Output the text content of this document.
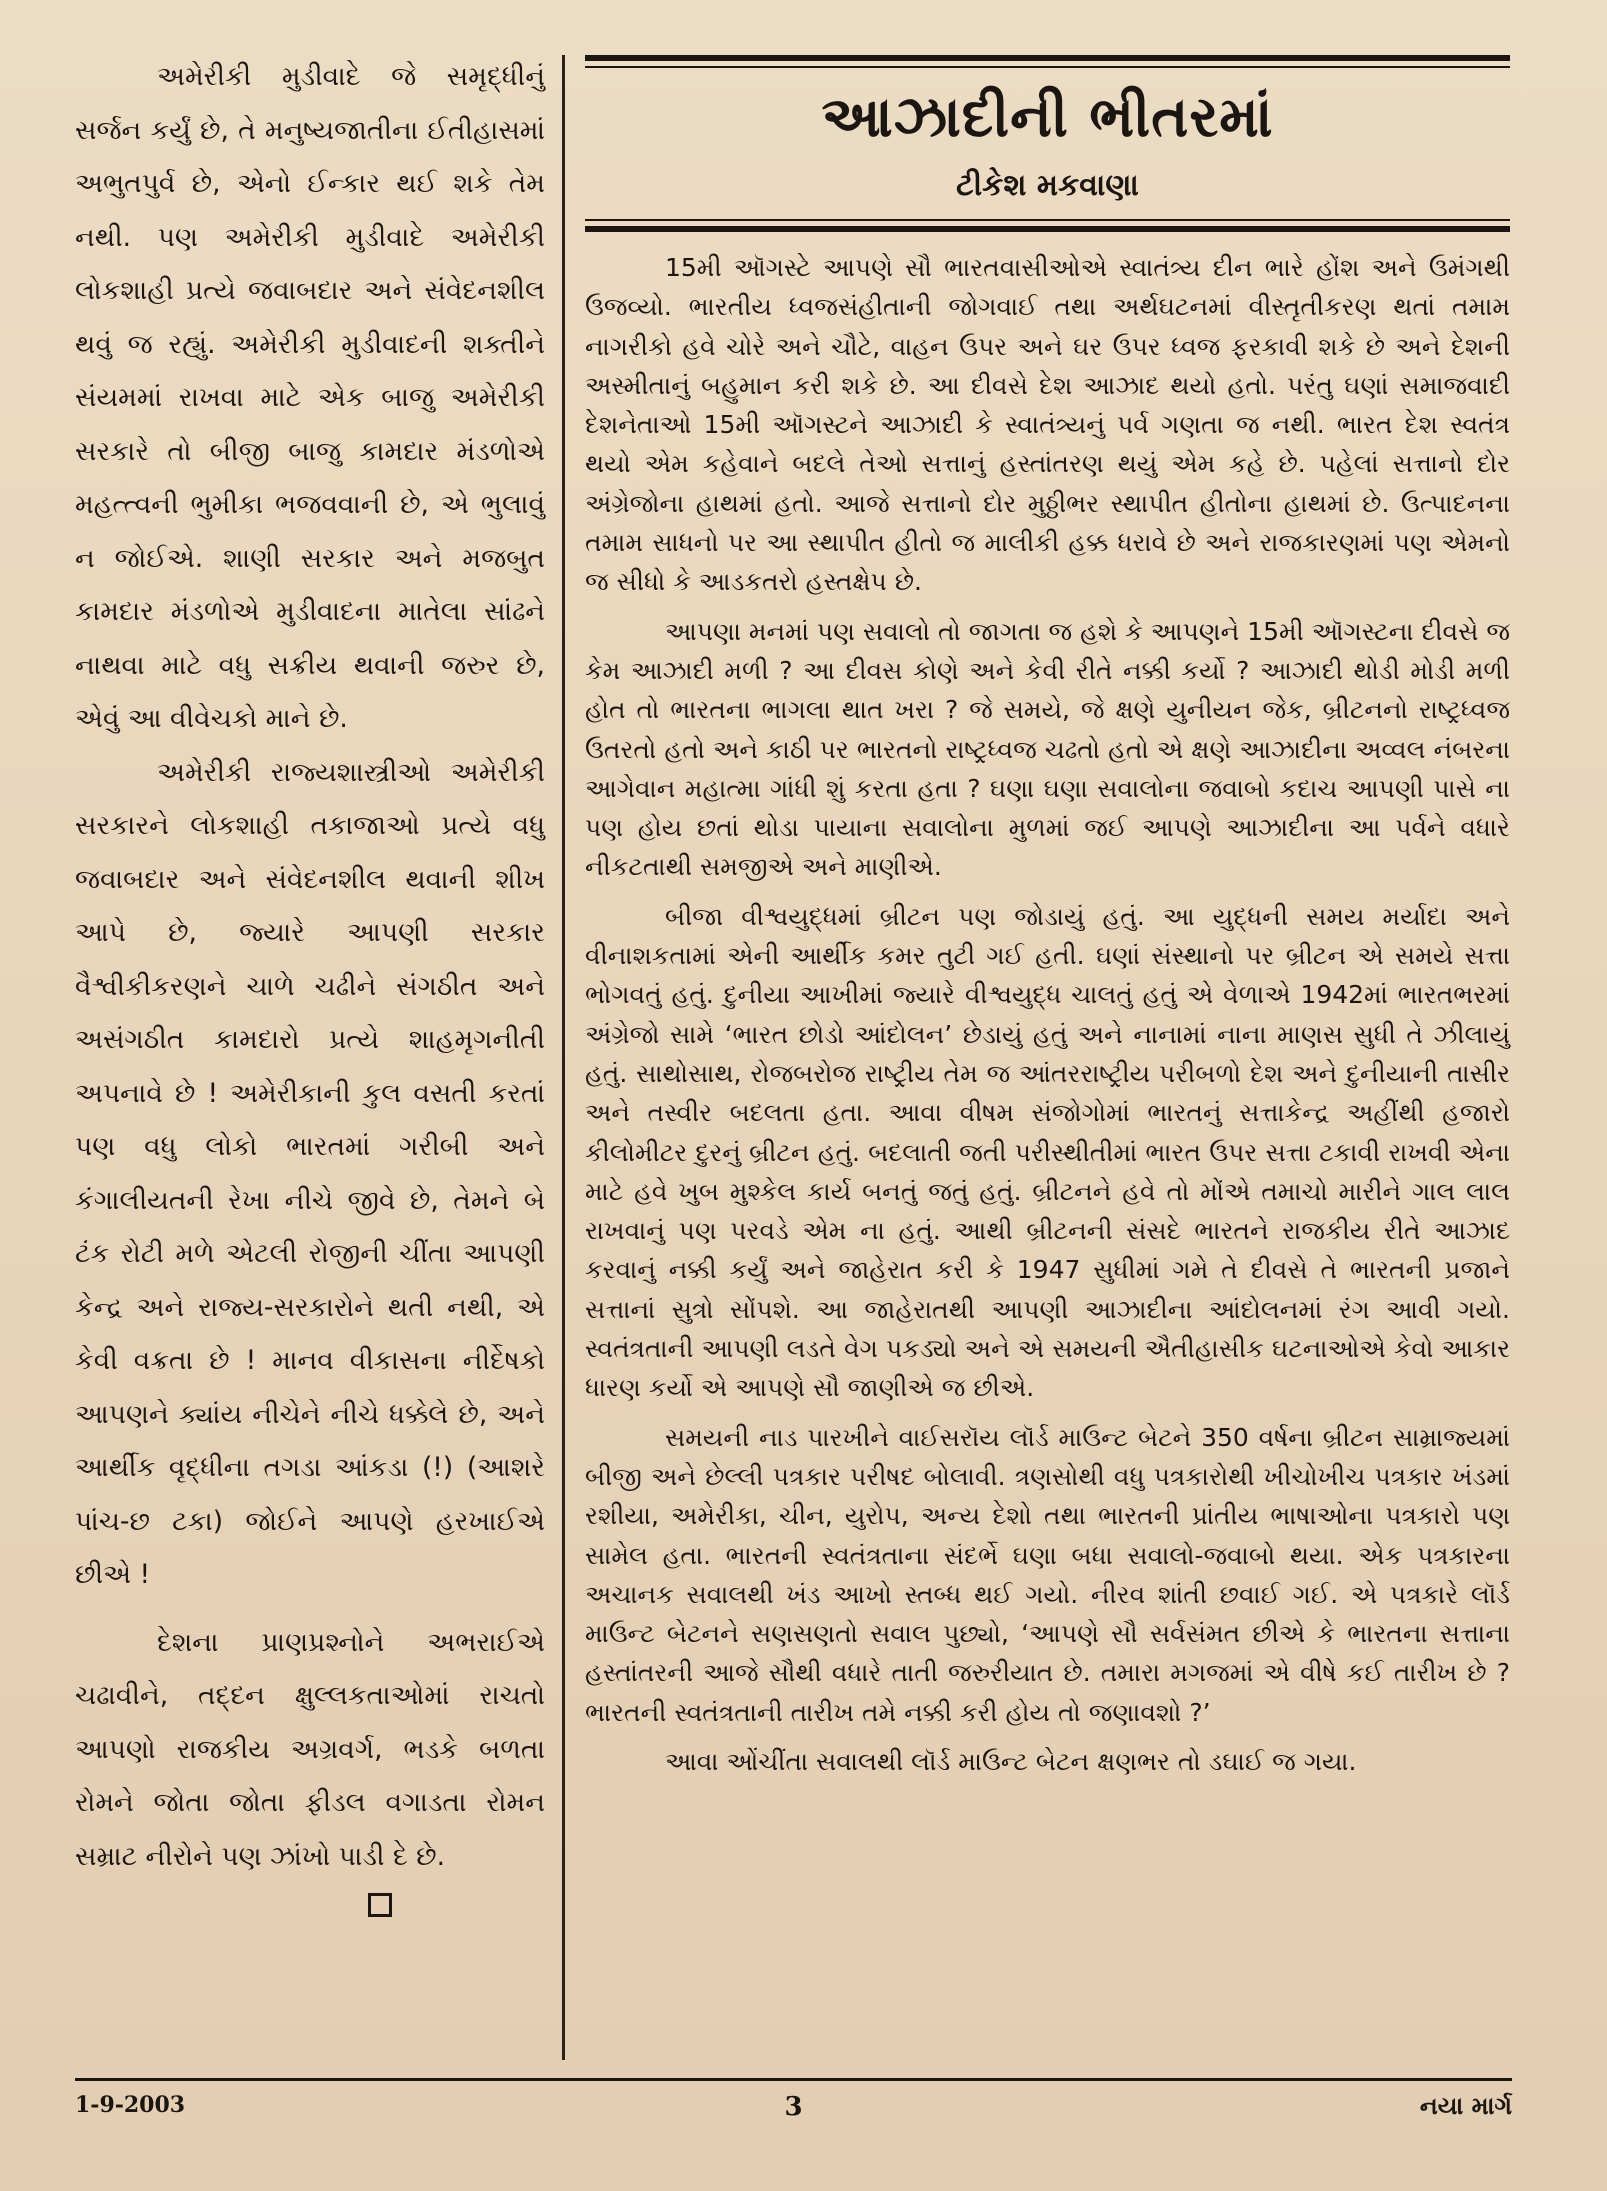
અમેરીકી મુડીવાદે જે સમૃદ્ધીનું સર્જન કર્યું છે, તે મનુષ્યજાતીના ઈતીહાસમાં અભુતપુર્વ છે, એનો ઈન્કાર થઈ શકે તેમ નથી. પણ અમેરીકી મુડીવાદે અમેરીકી લોકશાહી પ્રત્યે જવાબદાર અને સંવેદનશીલ થવું જ રહ્યું. અમેરીકી મુડીવાદની શક્તીને સંયમમાં રાખવા માટે એક બાજુ અમેરીકી સરકારે તો બીજી બાજુ કામદાર મંડળોએ મહત્ત્વની ભુમીકા ભજવવાની છે, એ ભુલાવું ન જોઈએ. શાણી સરકાર અને મજબુત કામદાર મંડળોએ મુડીવાદના માતેલા સાંઢને નાથવા માટે વધુ સક્રીય થવાની જરુર છે, એવું આ વીવેચકો માને છે.

અમેરીકી રાજ્યશાસ્ત્રીઓ અમેરીકી સરકારને લોકશાહી તકાજાઓ પ્રત્યે વધુ જવાબદાર અને સંવેદનશીલ થવાની શીખ આપે છે, જ્યારે આપણી સરકાર વૈશ્વીકીકરણને ચાળે ચઢીને સંગઠીત અને અસંગઠીત કામદારો પ્રત્યે શાહમૃગનીતી અપનાવે છે ! અમેરીકાની કુલ વસતી કરતાં પણ વધુ લોકો ભારતમાં ગરીબી અને કંગાલીયતની રેખા નીચે જીવે છે, તેમને બે ટંક રોટી મળે એટલી રોજીની ચીંતા આપણી કેન્દ્ર અને રાજ્ય-સરકારોને થતી નથી, એ કેવી વક્રતા છે ! માનવ વીકાસના નીર્દેષકો આપણને ક્યાંય નીચેને નીચે ધક્કેલે છે, અને આર્થીક વૃદ્ધીના તગડા આંકડા (!) (આશરે પાંચ-છ ટકા) જોઈને આપણે હરખાઈએ છીએ !

દેશના પ્રાણપ્રશ્નોને અભરાઈએ ચઢાવીને, તદ્દન ક્ષુલ્લકતાઓમાં રાચતો આપણો રાજકીય અગ્રવર્ગ, ભડકે બળતા રોમને જોતા જોતા ફીડલ વગાડતા રોમન સમ્રાટ નીરોને પણ ઝાંખો પાડી દે છે.

આઝાદીની ભીતરમાં
ટીકેશ મકવાણા

15મી ઑગસ્ટે આપણે સૌ ભારતવાસીઓએ સ્વાતંત્ર્ય દીન ભારે હોંશ અને ઉમંગથી ઉજવ્યો. ભારતીય ધ્વજસંહીતાની જોગવાઈ તથા અર્થઘટનમાં વીસ્તૃતીકરણ થતાં તમામ નાગરીકો હવે ચોરે અને ચૌટે, વાહન ઉપર અને ઘર ઉપર ધ્વજ ફરકાવી શકે છે અને દેશની અસ્મીતાનું બહુમાન કરી શકે છે. આ દીવસે દેશ આઝાદ થયો હતો. પરંતુ ઘણાં સમાજવાદી દેશનેતાઓ 15મી ઑગસ્ટને આઝાદી કે સ્વાતંત્ર્યનું પર્વ ગણતા જ નથી. ભારત દેશ સ્વતંત્ર થયો એમ કહેવાને બદલે તેઓ સત્તાનું હસ્તાંતરણ થયું એમ કહે છે. પહેલાં સત્તાનો દોર અંગ્રેજોના હાથમાં હતો. આજે સત્તાનો દોર મુઠ્ઠીભર સ્થાપીત હીતોના હાથમાં છે. ઉત્પાદનના તમામ સાધનો પર આ સ્થાપીત હીતો જ માલીકી હક્ક ધરાવે છે અને રાજકારણમાં પણ એમનો જ સીધો કે આડકતરો હસ્તક્ષેપ છે.

આપણા મનમાં પણ સવાલો તો જાગતા જ હશે કે આપણને 15મી ઑગસ્ટના દીવસે જ કેમ આઝાદી મળી ? આ દીવસ કોણે અને કેવી રીતે નક્કી કર્યો ? આઝાદી થોડી મોડી મળી હોત તો ભારતના ભાગલા થાત ખરા ? જે સમયે, જે ક્ષણે યુનીયન જેક, બ્રીટનનો રાષ્ટ્રધ્વજ ઉતરતો હતો અને કાઠી પર ભારતનો રાષ્ટ્રધ્વજ ચઢતો હતો એ ક્ષણે આઝાદીના અવ્વલ નંબરના આગેવાન મહાત્મા ગાંધી શું કરતા હતા ? ઘણા ઘણા સવાલોના જવાબો કદાચ આપણી પાસે ના પણ હોય છતાં થોડા પાયાના સવાલોના મુળમાં જઈ આપણે આઝાદીના આ પર્વને વધારે નીકટતાથી સમજીએ અને માણીએ.

બીજા વીશ્વયુદ્ધમાં બ્રીટન પણ જોડાયું હતું. આ યુદ્ધની સમય મર્યાદા અને વીનાશકતામાં એની આર્થીક કમર તુટી ગઈ હતી. ઘણાં સંસ્થાનો પર બ્રીટન એ સમયે સત્તા ભોગવતું હતું. દુનીયા આખીમાં જ્યારે વીશ્વયુદ્ધ ચાલતું હતું એ વેળાએ 1942માં ભારતભરમાં અંગ્રેજો સામે ‘ભારત છોડો આંદોલન’ છેડાયું હતું અને નાનામાં નાના માણસ સુધી તે ઝીલાયું હતું. સાથોસાથ, રોજબરોજ રાષ્ટ્રીય તેમ જ આંતરરાષ્ટ્રીય પરીબળો દેશ અને દુનીયાની તાસીર અને તસ્વીર બદલતા હતા. આવા વીષમ સંજોગોમાં ભારતનું સત્તાકેન્દ્ર અહીંથી હજારો કીલોમીટર દુરનું બ્રીટન હતું. બદલાતી જતી પરીસ્થીતીમાં ભારત ઉપર સત્તા ટકાવી રાખવી એના માટે હવે ખુબ મુશ્કેલ કાર્ય બનતું જતું હતું. બ્રીટનને હવે તો મોંએ તમાચો મારીને ગાલ લાલ રાખવાનું પણ પરવડે એમ ના હતું. આથી બ્રીટનની સંસદે ભારતને રાજકીય રીતે આઝાદ કરવાનું નક્કી કર્યું અને જાહેરાત કરી કે 1947 સુધીમાં ગમે તે દીવસે તે ભારતની પ્રજાને સત્તાનાં સુત્રો સોંપશે. આ જાહેરાતથી આપણી આઝાદીના આંદોલનમાં રંગ આવી ગયો. સ્વતંત્રતાની આપણી લડતે વેગ પકડ્યો અને એ સમયની ઐતીહાસીક ઘટનાઓએ કેવો આકાર ધારણ કર્યો એ આપણે સૌ જાણીએ જ છીએ.

સમયની નાડ પારખીને વાઈસરૉય લૉર્ડ માઉન્ટ બેટને 350 વર્ષના બ્રીટન સામ્રાજ્યમાં બીજી અને છેલ્લી પત્રકાર પરીષદ બોલાવી. ત્રણસોથી વધુ પત્રકારોથી ખીચોખીચ પત્રકાર ખંડમાં રશીયા, અમેરીકા, ચીન, યુરોપ, અન્ય દેશો તથા ભારતની પ્રાંતીય ભાષાઓના પત્રકારો પણ સામેલ હતા. ભારતની સ્વતંત્રતાના સંદર્ભે ઘણા બધા સવાલો-જવાબો થયા. એક પત્રકારના અચાનક સવાલથી ખંડ આખો સ્તબ્ધ થઈ ગયો. નીરવ શાંતી છવાઈ ગઈ. એ પત્રકારે લૉર્ડ માઉન્ટ બેટનને સણસણતો સવાલ પુછ્યો, ‘આપણે સૌ સર્વસંમત છીએ કે ભારતના સત્તાના હસ્તાંતરની આજે સૌથી વધારે તાતી જરુરીયાત છે. તમારા મગજમાં એ વીષે કઈ તારીખ છે ? ભારતની સ્વતંત્રતાની તારીખ તમે નક્કી કરી હોય તો જણાવશો ?’

આવા ઓંચીંતા સવાલથી લૉર્ડ માઉન્ટ બેટન ક્ષણભર તો ડઘાઈ જ ગયા.

1-9-2003	3	નયા માર્ગ
